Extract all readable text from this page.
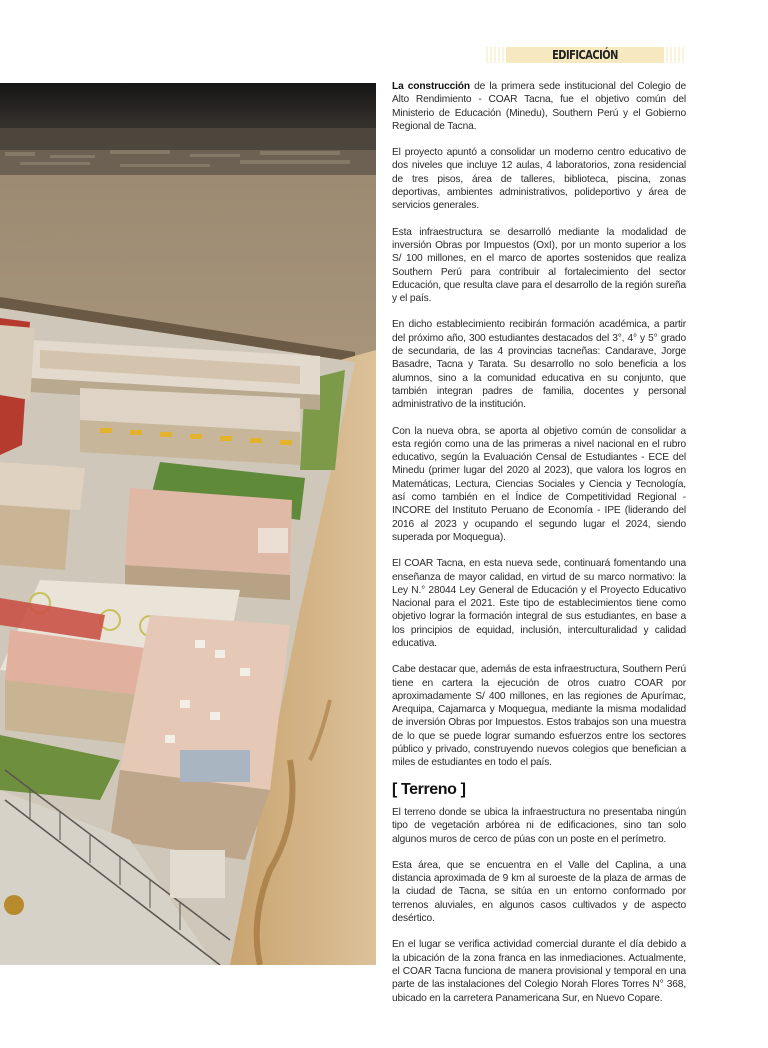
EDIFICACIÓN

La construcción de la primera sede institucional del Colegio de Alto Rendimiento - COAR Tacna, fue el objetivo común del Ministerio de Educación (Minedu), Southern Perú y el Gobierno Regional de Tacna.

El proyecto apuntó a consolidar un moderno centro educativo de dos niveles que incluye 12 aulas, 4 laboratorios, zona residencial de tres pisos, área de talleres, biblioteca, piscina, zonas deportivas, ambientes administrativos, polideportivo y área de servicios generales.

Esta infraestructura se desarrolló mediante la modalidad de inversión Obras por Impuestos (OxI), por un monto superior a los S/ 100 millones, en el marco de aportes sostenidos que realiza Southern Perú para contribuir al fortalecimiento del sector Educación, que resulta clave para el desarrollo de la región sureña y el país.

En dicho establecimiento recibirán formación académica, a partir del próximo año, 300 estudiantes destacados del 3°, 4° y 5° grado de secundaria, de las 4 provincias tacneñas: Candarave, Jorge Basadre, Tacna y Tarata. Su desarrollo no solo beneficia a los alumnos, sino a la comunidad educativa en su conjunto, que también integran padres de familia, docentes y personal administrativo de la institución.

Con la nueva obra, se aporta al objetivo común de consolidar a esta región como una de las primeras a nivel nacional en el rubro educativo, según la Evaluación Censal de Estudiantes - ECE del Minedu (primer lugar del 2020 al 2023), que valora los logros en Matemáticas, Lectura, Ciencias Sociales y Ciencia y Tecnología, así como también en el Índice de Competitividad Regional - INCORE del Instituto Peruano de Economía - IPE (liderando del 2016 al 2023 y ocupando el segundo lugar el 2024, siendo superada por Moquegua).

El COAR Tacna, en esta nueva sede, continuará fomentando una enseñanza de mayor calidad, en virtud de su marco normativo: la Ley N.° 28044 Ley General de Educación y el Proyecto Educativo Nacional para el 2021. Este tipo de establecimientos tiene como objetivo lograr la formación integral de sus estudiantes, en base a los principios de equidad, inclusión, interculturalidad y calidad educativa.

Cabe destacar que, además de esta infraestructura, Southern Perú tiene en cartera la ejecución de otros cuatro COAR por aproximadamente S/ 400 millones, en las regiones de Apurímac, Arequipa, Cajamarca y Moquegua, mediante la misma modalidad de inversión Obras por Impuestos. Estos trabajos son una muestra de lo que se puede lograr sumando esfuerzos entre los sectores público y privado, construyendo nuevos colegios que benefician a miles de estudiantes en todo el país.

[ Terreno ]

El terreno donde se ubica la infraestructura no presentaba ningún tipo de vegetación arbórea ni de edificaciones, sino tan solo algunos muros de cerco de púas con un poste en el perímetro.

Esta área, que se encuentra en el Valle del Caplina, a una distancia aproximada de 9 km al suroeste de la plaza de armas de la ciudad de Tacna, se sitúa en un entorno conformado por terrenos aluviales, en algunos casos cultivados y de aspecto desértico.

En el lugar se verifica actividad comercial durante el día debido a la ubicación de la zona franca en las inmediaciones. Actualmente, el COAR Tacna funciona de manera provisional y temporal en una parte de las instalaciones del Colegio Norah Flores Torres N° 368, ubicado en la carretera Panamericana Sur, en Nuevo Copare.
